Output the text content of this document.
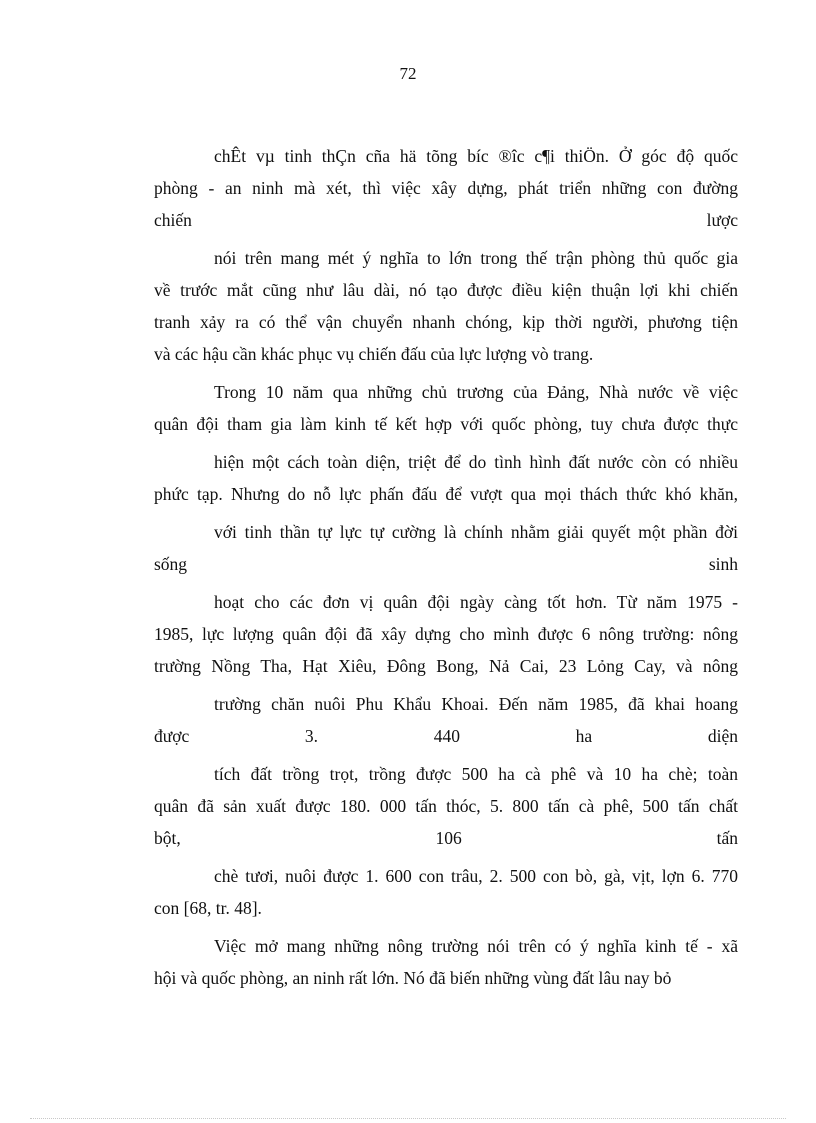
72
chÊt vµ tinh thÇn cña hä tõng bíc ®îc c¶i thiÖn. Ở góc độ quốc
phòng - an ninh mà xét, thì việc xây dựng, phát triển những con đường
chiến lược
nói trên mang mét ý nghĩa to lớn trong thế trận phòng thủ quốc gia
về trước mắt cũng như lâu dài, nó tạo được điều kiện thuận lợi khi chiến
tranh xảy ra có thể vận chuyển nhanh chóng, kịp thời người, phương tiện
và các hậu cần khác phục vụ chiến đấu của lực lượng vò trang.
Trong 10 năm qua những chủ trương của Đảng, Nhà nước về việc
quân đội tham gia làm kinh tế kết hợp với quốc phòng, tuy chưa được thực
hiện một cách toàn diện, triệt để do tình hình đất nước còn có nhiều
phức tạp. Nhưng do nỗ lực phấn đấu để vượt qua mọi thách thức khó khăn,
với tinh thần tự lực tự cường là chính nhằm giải quyết một phần đời
sống sinh
hoạt cho các đơn vị quân đội ngày càng tốt hơn. Từ năm 1975 -
1985, lực lượng quân đội đã xây dựng cho mình được 6 nông trường: nông
trường Nồng Tha, Hạt Xiêu, Đông Bong, Nả Cai, 23 Lỏng Cay, và nông
trường chăn nuôi Phu Khẩu Khoai. Đến năm 1985, đã khai hoang
được 3. 440 ha diện
tích đất trồng trọt, trồng được 500 ha cà phê và 10 ha chè; toàn
quân đã sản xuất được 180. 000 tấn thóc, 5. 800 tấn cà phê, 500 tấn chất
bột, 106 tấn
chè tươi, nuôi được 1. 600 con trâu, 2. 500 con bò, gà, vịt, lợn 6. 770
con [68, tr. 48].
Việc mở mang những nông trường nói trên có ý nghĩa kinh tế - xã
hội và quốc phòng, an ninh rất lớn. Nó đã biến những vùng đất lâu nay bỏ
